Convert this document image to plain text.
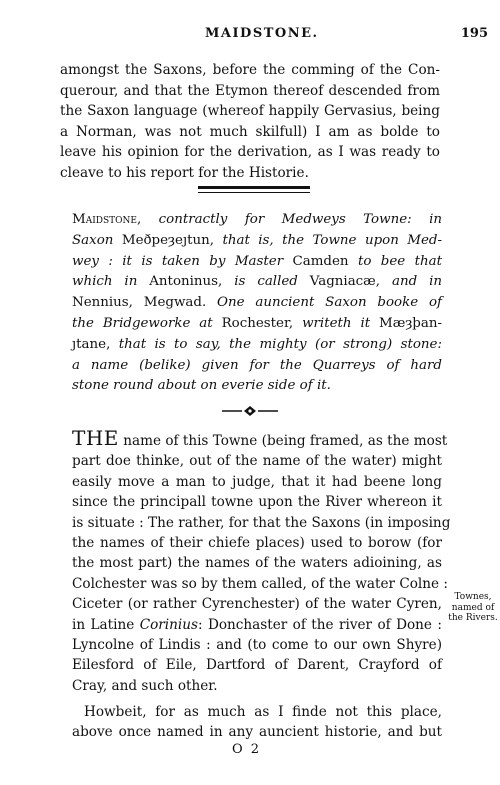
MAIDSTONE.	195

amongst the Saxons, before the comming of the Con-
querour, and that the Etymon thereof descended from
the Saxon language (whereof happily Gervasius, being
a Norman, was not much skilfull) I am as bolde to
leave his opinion for the derivation, as I was ready to
cleave to his report for the Historie.

Maidstone, contractly for Medweys Towne: in
Saxon Meðpeȝeȷtun, that is, the Towne upon Med-
wey : it is taken by Master Camden to bee that
which in Antoninus, is called Vagniacæ, and in
Nennius, Megwad. One auncient Saxon booke of
the Bridgeworke at Rochester, writeth it Mæȝþan-
ȷtane, that is to say, the mighty (or strong) stone:
a name (belike) given for the Quarreys of hard
stone round about on everie side of it.

THE name of this Towne (being framed, as the most
part doe thinke, out of the name of the water) might
easily move a man to judge, that it had beene long
since the principall towne upon the River whereon it
is situate : The rather, for that the Saxons (in imposing
the names of their chiefe places) used to borow (for
the most part) the names of the waters adioining, as
Colchester was so by them called, of the water Colne :
Ciceter (or rather Cyrenchester) of the water Cyren,
in Latine Corinius: Donchaster of the river of Done :
Lyncolne of Lindis : and (to come to our own Shyre)
Eilesford of Eile, Dartford of Darent, Crayford of
Cray, and such other.

Townes,
named of
the Rivers.

Howbeit, for as much as I finde not this place,
above once named in any auncient historie, and but

O 2
